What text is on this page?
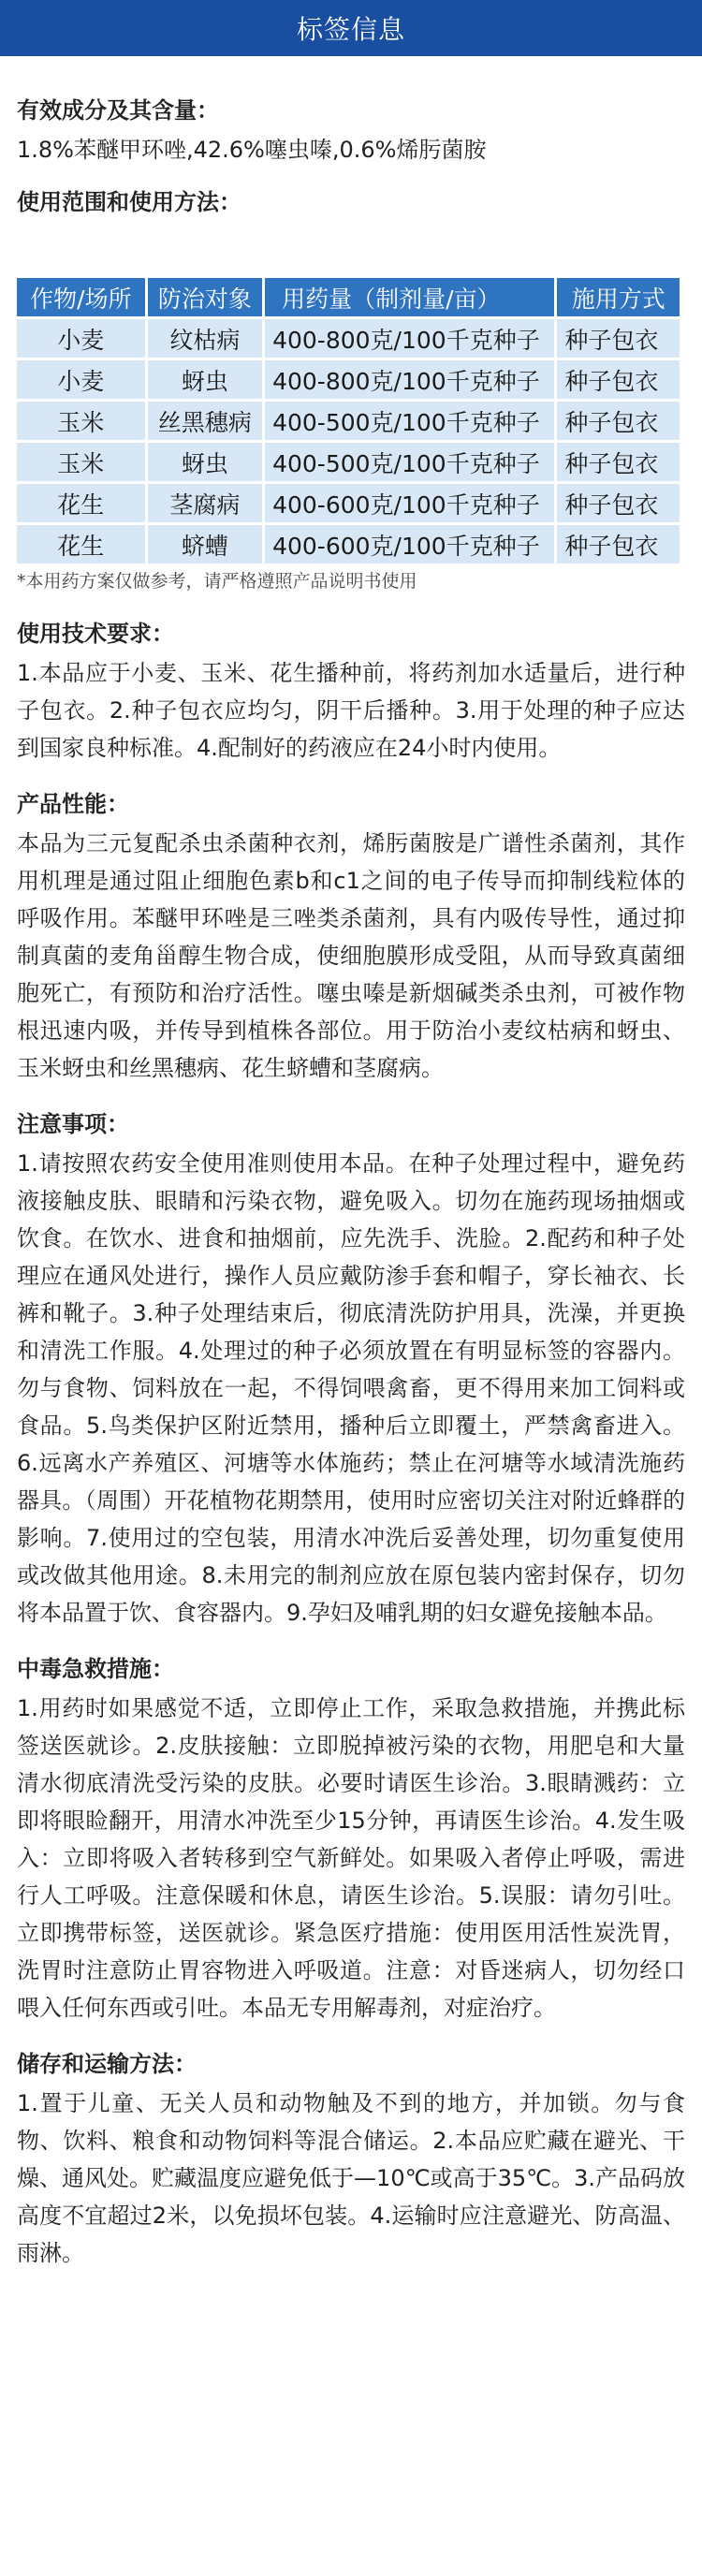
标签信息
有效成分及其含量：
1.8%苯醚甲环唑,42.6%噻虫嗪,0.6%烯肟菌胺
使用范围和使用方法：
作物/场所	防治对象	用药量（制剂量/亩）	施用方式
小麦	纹枯病	400-800克/100千克种子	种子包衣
小麦	蚜虫	400-800克/100千克种子	种子包衣
玉米	丝黑穗病	400-500克/100千克种子	种子包衣
玉米	蚜虫	400-500克/100千克种子	种子包衣
花生	茎腐病	400-600克/100千克种子	种子包衣
花生	蛴螬	400-600克/100千克种子	种子包衣
*本用药方案仅做参考，请严格遵照产品说明书使用
使用技术要求：
1.本品应于小麦、玉米、花生播种前，将药剂加水适量后，进行种子包衣。2.种子包衣应均匀，阴干后播种。3.用于处理的种子应达到国家良种标准。4.配制好的药液应在24小时内使用。
产品性能：
本品为三元复配杀虫杀菌种衣剂，烯肟菌胺是广谱性杀菌剂，其作用机理是通过阻止细胞色素b和c1之间的电子传导而抑制线粒体的呼吸作用。苯醚甲环唑是三唑类杀菌剂，具有内吸传导性，通过抑制真菌的麦角甾醇生物合成，使细胞膜形成受阻，从而导致真菌细胞死亡，有预防和治疗活性。噻虫嗪是新烟碱类杀虫剂，可被作物根迅速内吸，并传导到植株各部位。用于防治小麦纹枯病和蚜虫、玉米蚜虫和丝黑穗病、花生蛴螬和茎腐病。
注意事项：
1.请按照农药安全使用准则使用本品。在种子处理过程中，避免药液接触皮肤、眼睛和污染衣物，避免吸入。切勿在施药现场抽烟或饮食。在饮水、进食和抽烟前，应先洗手、洗脸。2.配药和种子处理应在通风处进行，操作人员应戴防渗手套和帽子，穿长袖衣、长裤和靴子。3.种子处理结束后，彻底清洗防护用具，洗澡，并更换和清洗工作服。4.处理过的种子必须放置在有明显标签的容器内。勿与食物、饲料放在一起，不得饲喂禽畜，更不得用来加工饲料或食品。5.鸟类保护区附近禁用，播种后立即覆土，严禁禽畜进入。6.远离水产养殖区、河塘等水体施药；禁止在河塘等水域清洗施药器具。（周围）开花植物花期禁用，使用时应密切关注对附近蜂群的影响。7.使用过的空包装，用清水冲洗后妥善处理，切勿重复使用或改做其他用途。8.未用完的制剂应放在原包装内密封保存，切勿将本品置于饮、食容器内。9.孕妇及哺乳期的妇女避免接触本品。
中毒急救措施：
1.用药时如果感觉不适，立即停止工作，采取急救措施，并携此标签送医就诊。2.皮肤接触：立即脱掉被污染的衣物，用肥皂和大量清水彻底清洗受污染的皮肤。必要时请医生诊治。3.眼睛溅药：立即将眼睑翻开，用清水冲洗至少15分钟，再请医生诊治。4.发生吸入：立即将吸入者转移到空气新鲜处。如果吸入者停止呼吸，需进行人工呼吸。注意保暖和休息，请医生诊治。5.误服：请勿引吐。立即携带标签，送医就诊。紧急医疗措施：使用医用活性炭洗胃，洗胃时注意防止胃容物进入呼吸道。注意：对昏迷病人，切勿经口喂入任何东西或引吐。本品无专用解毒剂，对症治疗。
储存和运输方法：
1.置于儿童、无关人员和动物触及不到的地方，并加锁。勿与食物、饮料、粮食和动物饲料等混合储运。2.本品应贮藏在避光、干燥、通风处。贮藏温度应避免低于—10℃或高于35℃。3.产品码放高度不宜超过2米，以免损坏包装。4.运输时应注意避光、防高温、雨淋。
